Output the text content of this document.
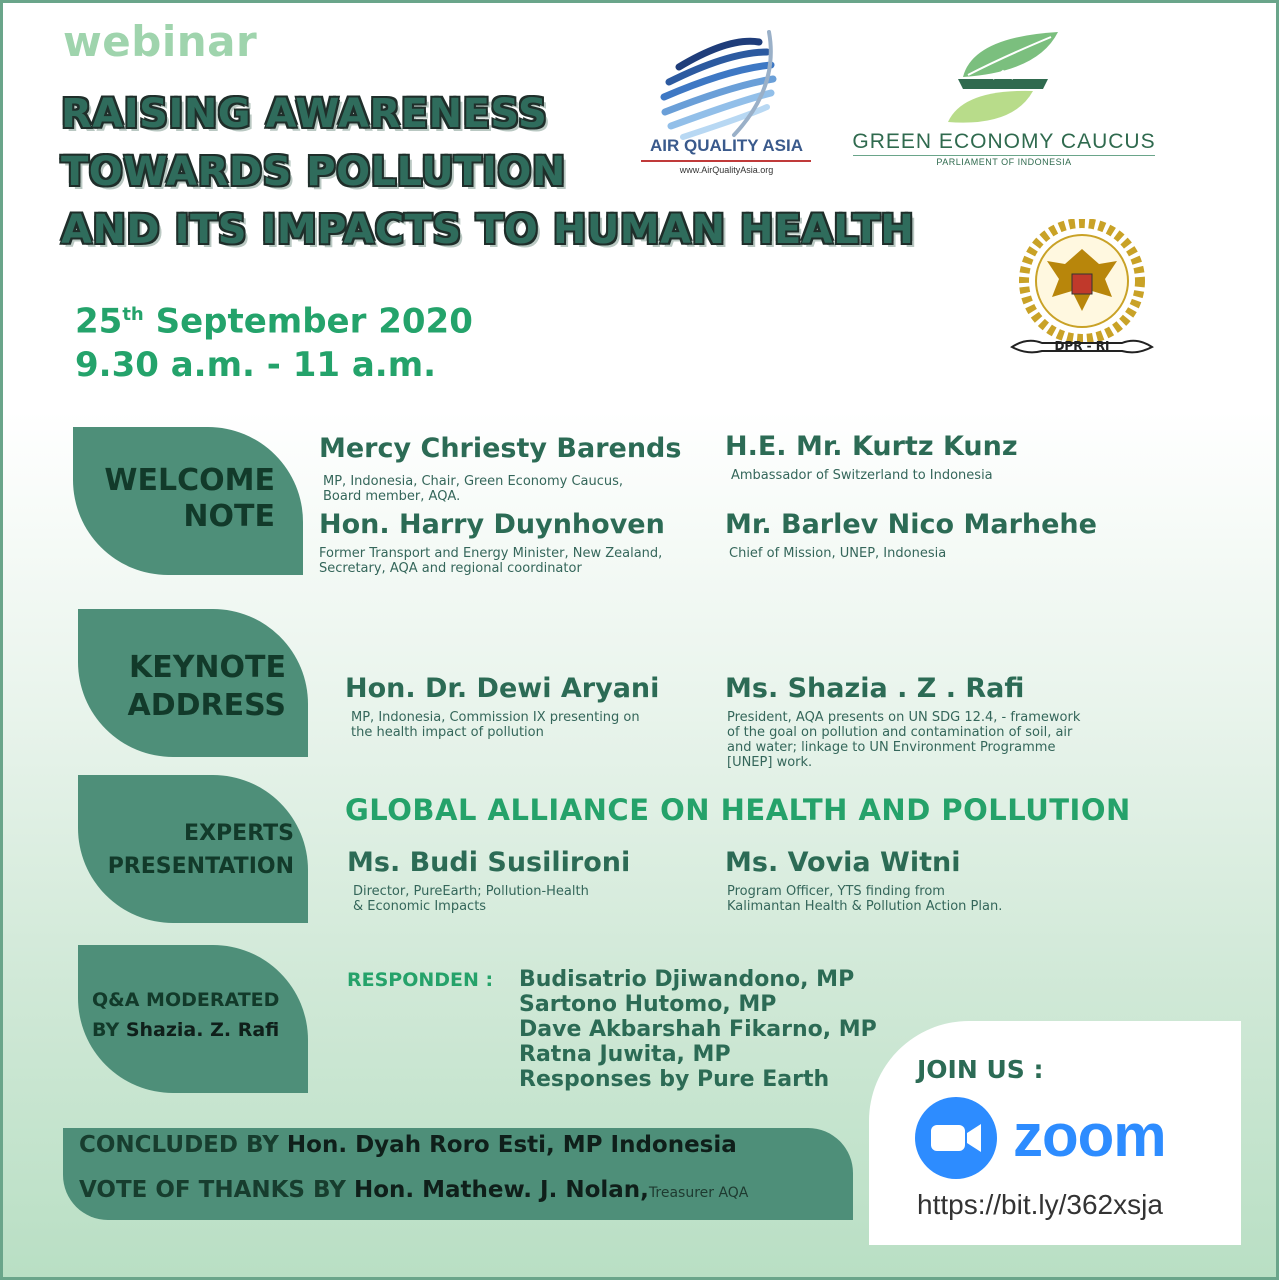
webinar
RAISING AWARENESS
TOWARDS POLLUTION
AND ITS IMPACTS TO HUMAN HEALTH
25th September 2020
9.30 a.m. - 11 a.m.
AIR QUALITY ASIA
www.AirQualityAsia.org
GREEN ECONOMY CAUCUS
PARLIAMENT OF INDONESIA
DPR - RI
WELCOME
NOTE
Mercy Chriesty Barends
MP, Indonesia, Chair, Green Economy Caucus,
Board member, AQA.
H.E. Mr. Kurtz Kunz
Ambassador of Switzerland to Indonesia
Hon. Harry Duynhoven
Former Transport and Energy Minister, New Zealand,
Secretary, AQA and regional coordinator
Mr. Barlev Nico Marhehe
Chief of Mission, UNEP, Indonesia
KEYNOTE
ADDRESS Hon. Dr. Dewi Aryani
MP, Indonesia, Commission IX presenting on
the health impact of pollution
Ms. Shazia . Z . Rafi
President, AQA presents on UN SDG 12.4, - framework
of the goal on pollution and contamination of soil, air
and water; linkage to UN Environment Programme
[UNEP] work.
EXPERTS
PRESENTATION
GLOBAL ALLIANCE ON HEALTH AND POLLUTION
Ms. Budi Susilironi
Director, PureEarth; Pollution-Health
& Economic Impacts
Ms. Vovia Witni
Program Officer, YTS finding from
Kalimantan Health & Pollution Action Plan.
Q&A MODERATED
BY Shazia. Z. Rafi
RESPONDEN : Budisatrio Djiwandono, MP
Sartono Hutomo, MP
Dave Akbarshah Fikarno, MP
Ratna Juwita, MP
Responses by Pure Earth
CONCLUDED BY Hon. Dyah Roro Esti, MP Indonesia
VOTE OF THANKS BY Hon. Mathew. J. Nolan,Treasurer AQA
JOIN US :
zoom
https://bit.ly/362xsja
